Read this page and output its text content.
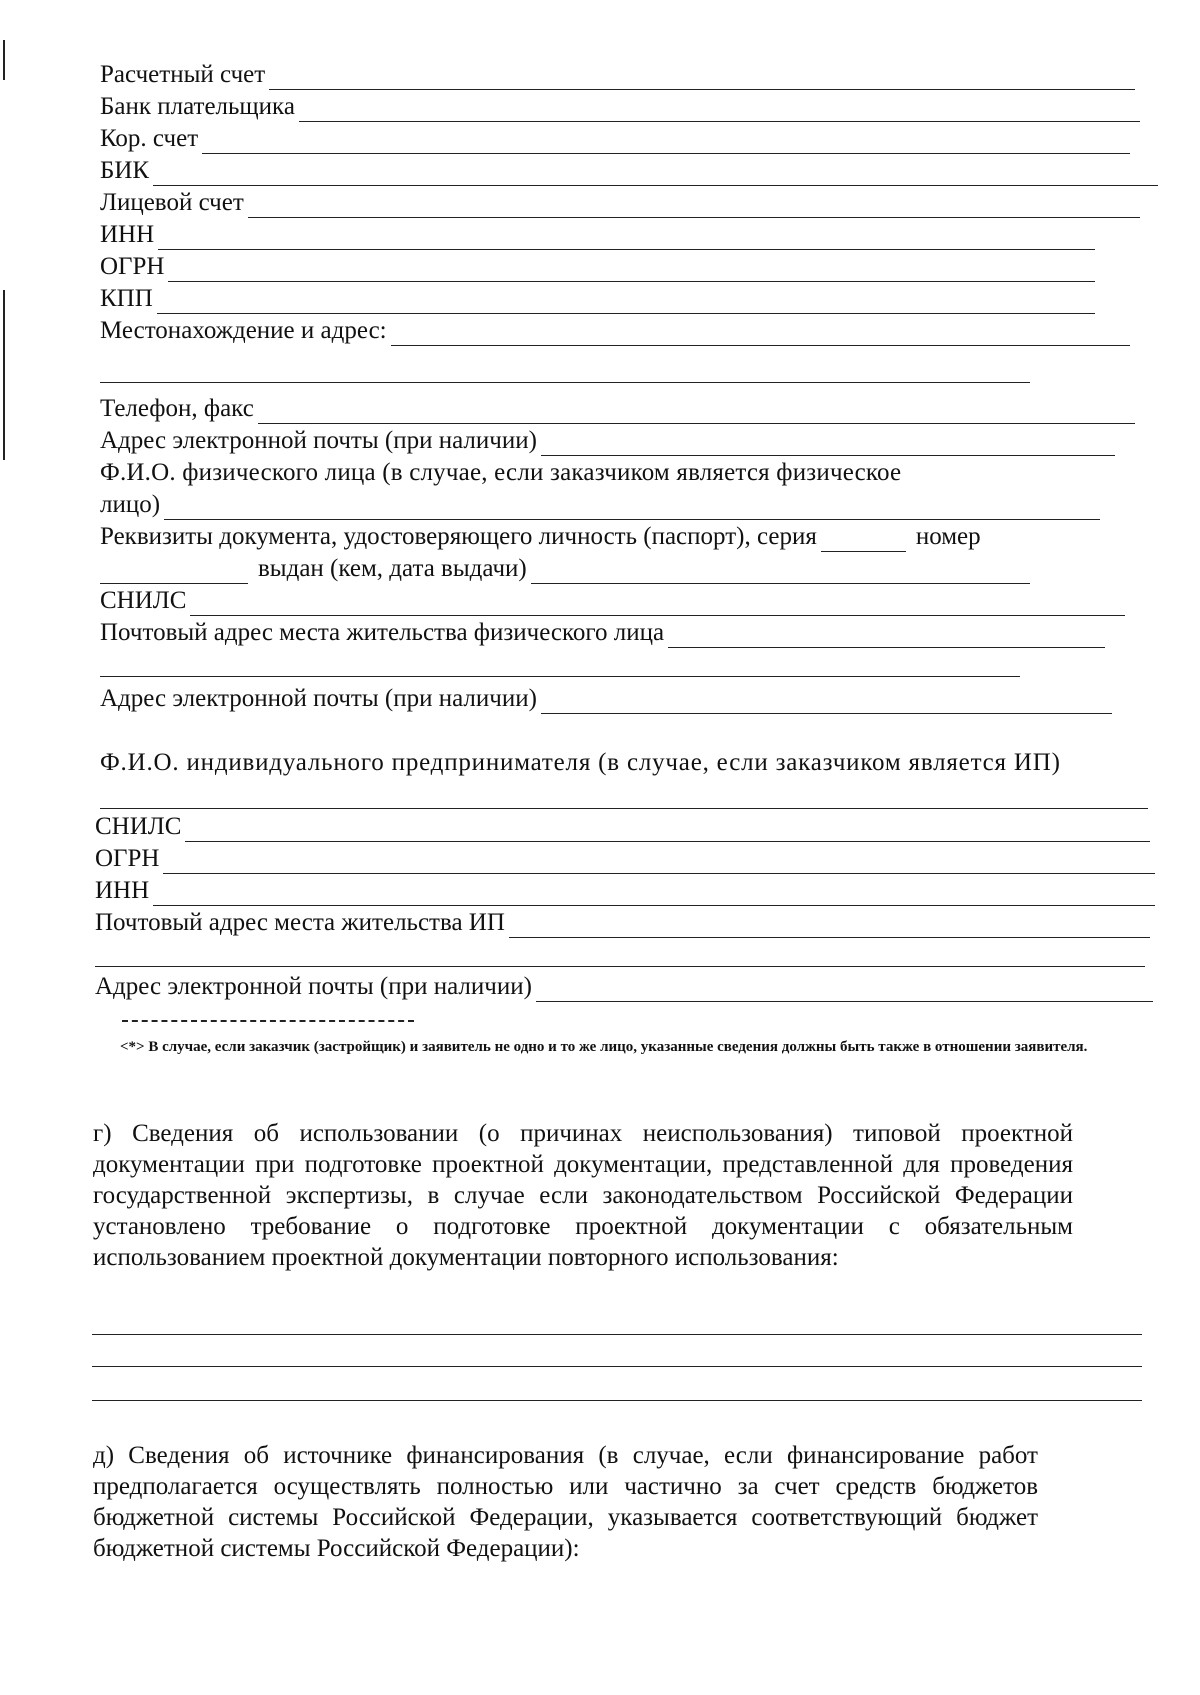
Расчетный счет
Банк плательщика
Кор. счет
БИК
Лицевой счет
ИНН
ОГРН
КПП
Местонахождение и адрес:
Телефон, факс
Адрес электронной почты (при наличии)
Ф.И.О. физического лица (в случае, если заказчиком является физическое
лицо)
Реквизиты документа, удостоверяющего личность (паспорт), серия	номер
выдан (кем, дата выдачи)
СНИЛС
Почтовый адрес места жительства физического лица
Адрес электронной почты (при наличии)
Ф.И.О. индивидуального предпринимателя (в случае, если заказчиком является ИП)
СНИЛС
ОГРН
ИНН
Почтовый адрес места жительства ИП
Адрес электронной почты (при наличии)
<*> В случае, если заказчик (застройщик) и заявитель не одно и то же лицо, указанные сведения должны быть также в отношении заявителя.
г) Сведения об использовании (о причинах неиспользования) типовой проектной документации при подготовке проектной документации, представленной для проведения государственной экспертизы, в случае если законодательством Российской Федерации установлено требование о подготовке проектной документации с обязательным использованием проектной документации повторного использования:
д) Сведения об источнике финансирования (в случае, если финансирование работ предполагается осуществлять полностью или частично за счет средств бюджетов бюджетной системы Российской Федерации, указывается соответствующий бюджет бюджетной системы Российской Федерации):
